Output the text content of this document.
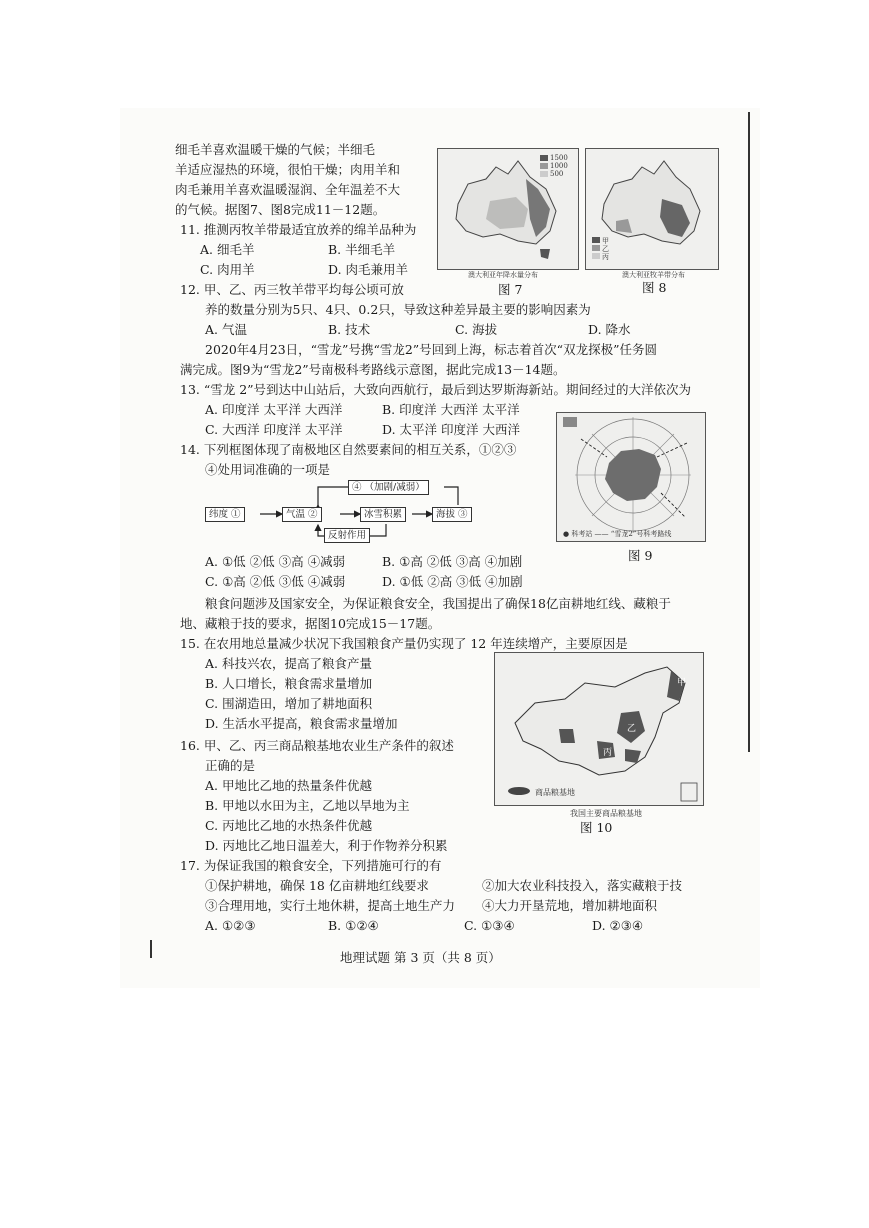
细毛羊喜欢温暖干燥的气候；半细毛
羊适应湿热的环境，很怕干燥；肉用羊和
肉毛兼用羊喜欢温暖湿润、全年温差不大
的气候。据图7、图8完成11－12题。
11. 推测丙牧羊带最适宜放养的绵羊品种为
A. 细毛羊	B. 半细毛羊
C. 肉用羊	D. 肉毛兼用羊
1500
1000
500
澳大利亚年降水量分布
图 7
甲
乙
丙
澳大利亚牧羊带分布
图 8
12. 甲、乙、丙三牧羊带平均每公顷可放
养的数量分别为5只、4只、0.2只，导致这种差异最主要的影响因素为
A. 气温	B. 技术	C. 海拔	D. 降水
2020年4月23日，“雪龙”号携“雪龙2”号回到上海，标志着首次“双龙探极”任务圆
满完成。图9为“雪龙2”号南极科考路线示意图，据此完成13－14题。
13. “雪龙 2”号到达中山站后，大致向西航行，最后到达罗斯海新站。期间经过的大洋依次为
A. 印度洋 太平洋 大西洋	B. 印度洋 大西洋 太平洋
C. 大西洋 印度洋 太平洋	D. 太平洋 印度洋 大西洋
14. 下列框图体现了南极地区自然要素间的相互关系，①②③
④处用词准确的一项是
④ （加剧/减弱）
纬度 ①	气温 ②	冰雪积累	海拔 ③
反射作用	● 科考站 —— “雪龙2”号科考路线
图 9
A. ①低 ②低 ③高 ④减弱	B. ①高 ②低 ③高 ④加剧
C. ①高 ②低 ③低 ④减弱	D. ①低 ②高 ③低 ④加剧
粮食问题涉及国家安全，为保证粮食安全，我国提出了确保18亿亩耕地红线、藏粮于
地、藏粮于技的要求，据图10完成15－17题。
15. 在农用地总量减少状况下我国粮食产量仍实现了 12 年连续增产，主要原因是
A. 科技兴农，提高了粮食产量
B. 人口增长，粮食需求量增加
C. 围湖造田，增加了耕地面积
D. 生活水平提高，粮食需求量增加
甲
乙
丙
商品粮基地
我国主要商品粮基地
图 10
16. 甲、乙、丙三商品粮基地农业生产条件的叙述
正确的是
A. 甲地比乙地的热量条件优越
B. 甲地以水田为主，乙地以旱地为主
C. 丙地比乙地的水热条件优越
D. 丙地比乙地日温差大，利于作物养分积累
17. 为保证我国的粮食安全，下列措施可行的有
①保护耕地，确保 18 亿亩耕地红线要求	②加大农业科技投入，落实藏粮于技
③合理用地，实行土地休耕，提高土地生产力 ④大力开垦荒地，增加耕地面积
A. ①②③	B. ①②④	C. ①③④	D. ②③④
地理试题 第 3 页（共 8 页）
